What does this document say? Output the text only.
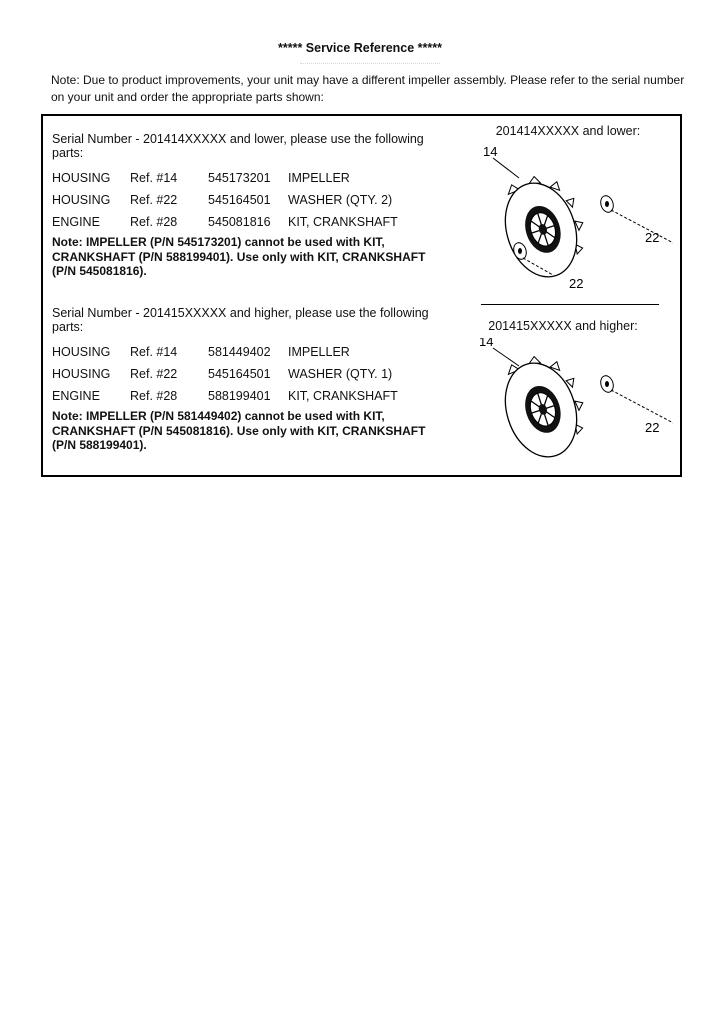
***** Service Reference *****
Note: Due to product improvements, your unit may have a different impeller assembly. Please refer to the serial number on your unit and order the appropriate parts shown:
Serial Number - 201414XXXXX and lower, please use the following parts:
HOUSING	Ref. #14	545173201	IMPELLER
HOUSING	Ref. #22	545164501	WASHER (QTY. 2)
ENGINE	Ref. #28	545081816	KIT, CRANKSHAFT
Note: IMPELLER (P/N 545173201) cannot be used with KIT, CRANKSHAFT (P/N 588199401). Use only with KIT, CRANKSHAFT (P/N 545081816).
201414XXXXX and lower:
14
22
22
Serial Number - 201415XXXXX and higher, please use the following parts:
HOUSING	Ref. #14	581449402	IMPELLER
HOUSING	Ref. #22	545164501	WASHER (QTY. 1)
ENGINE	Ref. #28	588199401	KIT, CRANKSHAFT
Note: IMPELLER (P/N 581449402) cannot be used with KIT, CRANKSHAFT (P/N 545081816). Use only with KIT, CRANKSHAFT (P/N 588199401).
201415XXXXX and higher:
14
22
